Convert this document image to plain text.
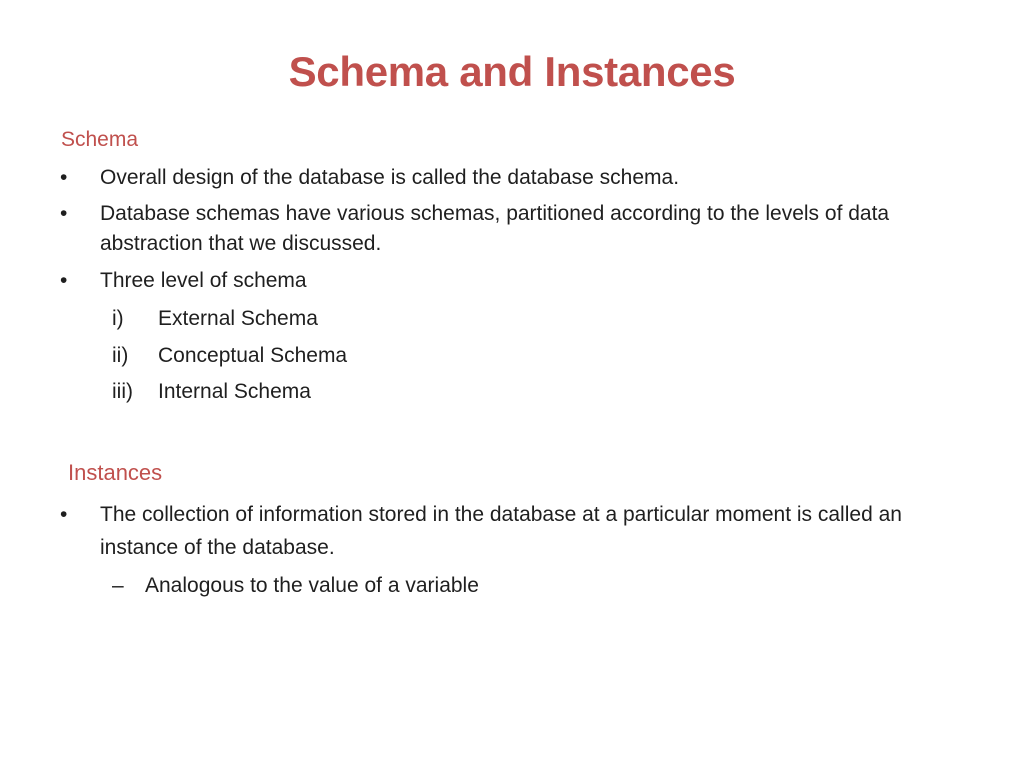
Schema and Instances
Schema
•	Overall design of the database is called the database schema.
•	Database schemas have various schemas, partitioned according to the levels of data abstraction that we discussed.
•	Three level of schema
i)	External Schema
ii)	Conceptual Schema
iii)	Internal Schema
Instances
•	The collection of information stored in the database at a particular moment is called an instance of the database.
– Analogous to the value of a variable
